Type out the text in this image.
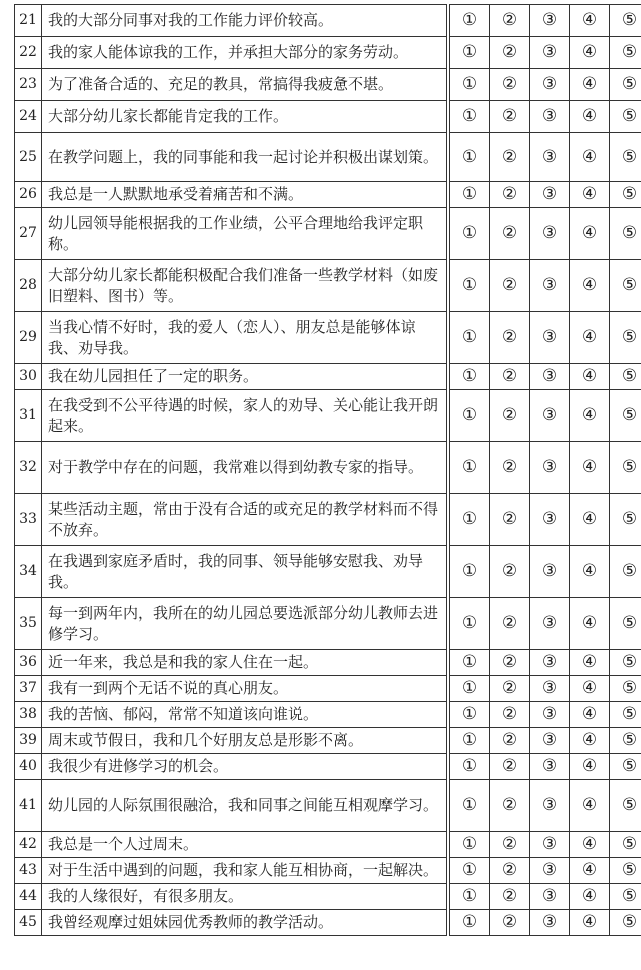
21	我的大部分同事对我的工作能力评价较高。		①	②	③	④	⑤
22	我的家人能体谅我的工作，并承担大部分的家务劳动。		①	②	③	④	⑤
23	为了准备合适的、充足的教具，常搞得我疲惫不堪。		①	②	③	④	⑤
24	大部分幼儿家长都能肯定我的工作。		①	②	③	④	⑤
25	在教学问题上，我的同事能和我一起讨论并积极出谋划策。		①	②	③	④	⑤
26	我总是一人默默地承受着痛苦和不满。		①	②	③	④	⑤
27	幼儿园领导能根据我的工作业绩，公平合理地给我评定职称。		①	②	③	④	⑤
28	大部分幼儿家长都能积极配合我们准备一些教学材料（如废旧塑料、图书）等。		①	②	③	④	⑤
29	当我心情不好时，我的爱人（恋人）、朋友总是能够体谅我、劝导我。		①	②	③	④	⑤
30	我在幼儿园担任了一定的职务。		①	②	③	④	⑤
31	在我受到不公平待遇的时候，家人的劝导、关心能让我开朗起来。		①	②	③	④	⑤
32	对于教学中存在的问题，我常难以得到幼教专家的指导。		①	②	③	④	⑤
33	某些活动主题，常由于没有合适的或充足的教学材料而不得不放弃。		①	②	③	④	⑤
34	在我遇到家庭矛盾时，我的同事、领导能够安慰我、劝导我。		①	②	③	④	⑤
35	每一到两年内，我所在的幼儿园总要选派部分幼儿教师去进修学习。		①	②	③	④	⑤
36	近一年来，我总是和我的家人住在一起。		①	②	③	④	⑤
37	我有一到两个无话不说的真心朋友。		①	②	③	④	⑤
38	我的苦恼、郁闷，常常不知道该向谁说。		①	②	③	④	⑤
39	周末或节假日，我和几个好朋友总是形影不离。		①	②	③	④	⑤
40	我很少有进修学习的机会。		①	②	③	④	⑤
41	幼儿园的人际氛围很融洽，我和同事之间能互相观摩学习。		①	②	③	④	⑤
42	我总是一个人过周末。		①	②	③	④	⑤
43	对于生活中遇到的问题，我和家人能互相协商，一起解决。		①	②	③	④	⑤
44	我的人缘很好，有很多朋友。		①	②	③	④	⑤
45	我曾经观摩过姐妹园优秀教师的教学活动。		①	②	③	④	⑤
